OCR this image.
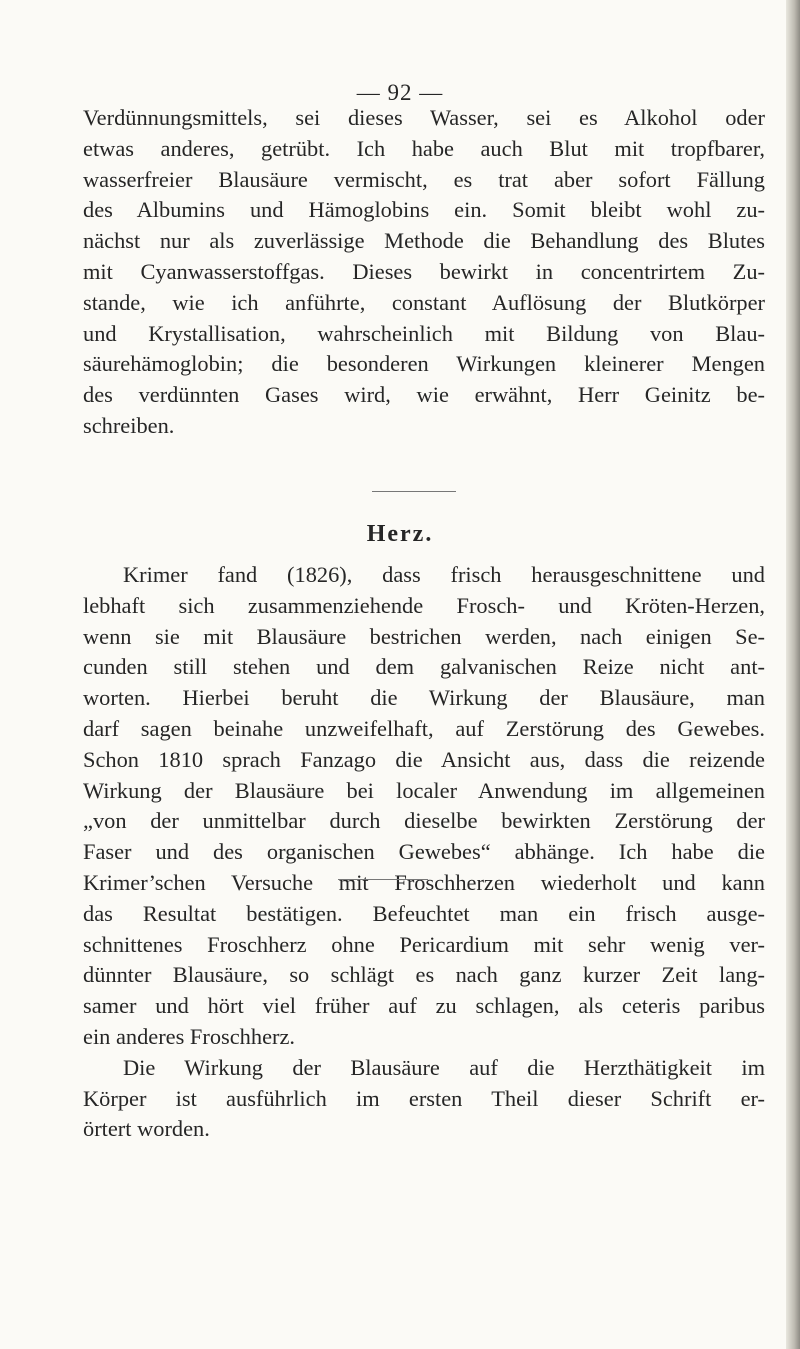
— 92 —
Verdünnungsmittels, sei dieses Wasser, sei es Alkohol oder
etwas anderes, getrübt. Ich habe auch Blut mit tropfbarer,
wasserfreier Blausäure vermischt, es trat aber sofort Fällung
des Albumins und Hämoglobins ein. Somit bleibt wohl zu-
nächst nur als zuverlässige Methode die Behandlung des Blutes
mit Cyanwasserstoffgas. Dieses bewirkt in concentrirtem Zu-
stande, wie ich anführte, constant Auflösung der Blutkörper
und Krystallisation, wahrscheinlich mit Bildung von Blau-
säurehämoglobin; die besonderen Wirkungen kleinerer Mengen
des verdünnten Gases wird, wie erwähnt, Herr Geinitz be-
schreiben.
Herz.
Krimer fand (1826), dass frisch herausgeschnittene und
lebhaft sich zusammenziehende Frosch- und Kröten-Herzen,
wenn sie mit Blausäure bestrichen werden, nach einigen Se-
cunden still stehen und dem galvanischen Reize nicht ant-
worten. Hierbei beruht die Wirkung der Blausäure, man
darf sagen beinahe unzweifelhaft, auf Zerstörung des Gewebes.
Schon 1810 sprach Fanzago die Ansicht aus, dass die reizende
Wirkung der Blausäure bei localer Anwendung im allgemeinen
„von der unmittelbar durch dieselbe bewirkten Zerstörung der
Faser und des organischen Gewebes“ abhänge. Ich habe die
Krimer’schen Versuche mit Froschherzen wiederholt und kann
das Resultat bestätigen. Befeuchtet man ein frisch ausge-
schnittenes Froschherz ohne Pericardium mit sehr wenig ver-
dünnter Blausäure, so schlägt es nach ganz kurzer Zeit lang-
samer und hört viel früher auf zu schlagen, als ceteris paribus
ein anderes Froschherz.
Die Wirkung der Blausäure auf die Herzthätigkeit im
Körper ist ausführlich im ersten Theil dieser Schrift er-
örtert worden.
